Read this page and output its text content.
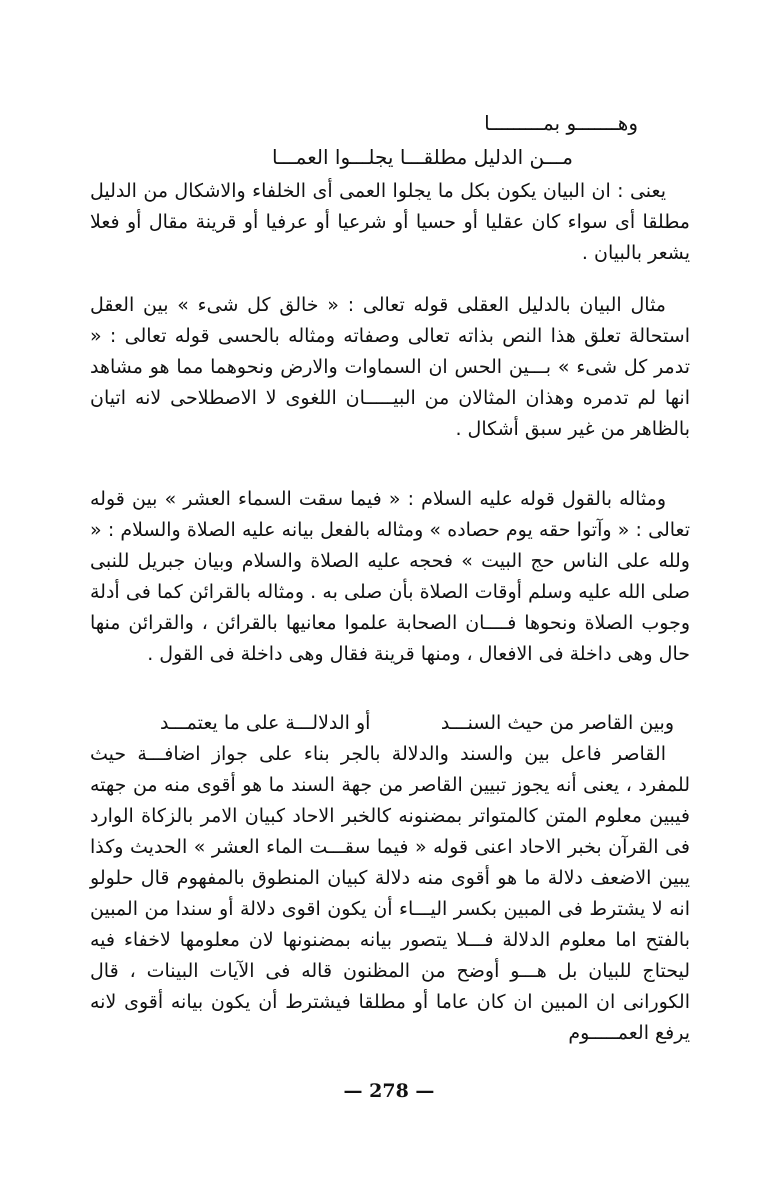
وهـــــــو بمـــــــــا
مـــن الدليل مطلقـــا يجلـــوا العمـــا

يعنى : ان البيان يكون بكل ما يجلوا العمى أى الخلفاء والاشكال من الدليل مطلقا أى سواء كان عقليا أو حسيا أو شرعيا أو عرفيا أو قرينة مقال أو فعلا يشعر بالبيان .

مثال البيان بالدليل العقلى قوله تعالى : « خالق كل شىء » بين العقل استحالة تعلق هذا النص بذاته تعالى وصفاته ومثاله بالحسى قوله تعالى : « تدمر كل شىء » بـــين الحس ان السماوات والارض ونحوهما مما هو مشاهد انها لم تدمره وهذان المثالان من البيـــــان اللغوى لا الاصطلاحى لانه اتيان بالظاهر من غير سبق أشكال .

ومثاله بالقول قوله عليه السلام : « فيما سقت السماء العشر » بين قوله تعالى : « وآتوا حقه يوم حصاده » ومثاله بالفعل بيانه عليه الصلاة والسلام : « ولله على الناس حج البيت » فحجه عليه الصلاة والسلام وبيان جبريل للنبى صلى الله عليه وسلم أوقات الصلاة بأن صلى به . ومثاله بالقرائن كما فى أدلة وجوب الصلاة ونحوها فــــان الصحابة علموا معانيها بالقرائن ، والقرائن منها حال وهى داخلة فى الافعال ، ومنها قرينة فقال وهى داخلة فى القول .

وبين القاصر من حيث السنـــد
أو الدلالـــة على ما يعتمـــد

القاصر فاعل بين والسند والدلالة بالجر بناء على جواز اضافـــة حيث للمفرد ، يعنى أنه يجوز تبيين القاصر من جهة السند ما هو أقوى منه من جهته فيبين معلوم المتن كالمتواتر بمضنونه كالخبر الاحاد كبيان الامر بالزكاة الوارد فى القرآن بخبر الاحاد اعنى قوله « فيما سقـــت الماء العشر » الحديث وكذا يبين الاضعف دلالة ما هو أقوى منه دلالة كبيان المنطوق بالمفهوم قال حلولو انه لا يشترط فى المبين بكسر اليـــاء أن يكون اقوى دلالة أو سندا من المبين بالفتح اما معلوم الدلالة فـــلا يتصور بيانه بمضنونها لان معلومها لاخفاء فيه ليحتاج للبيان بل هـــو أوضح من المظنون قاله فى الآيات البينات ، قال الكورانى ان المبين ان كان عاما أو مطلقا فيشترط أن يكون بيانه أقوى لانه يرفع العمـــــوم

— 278 —
